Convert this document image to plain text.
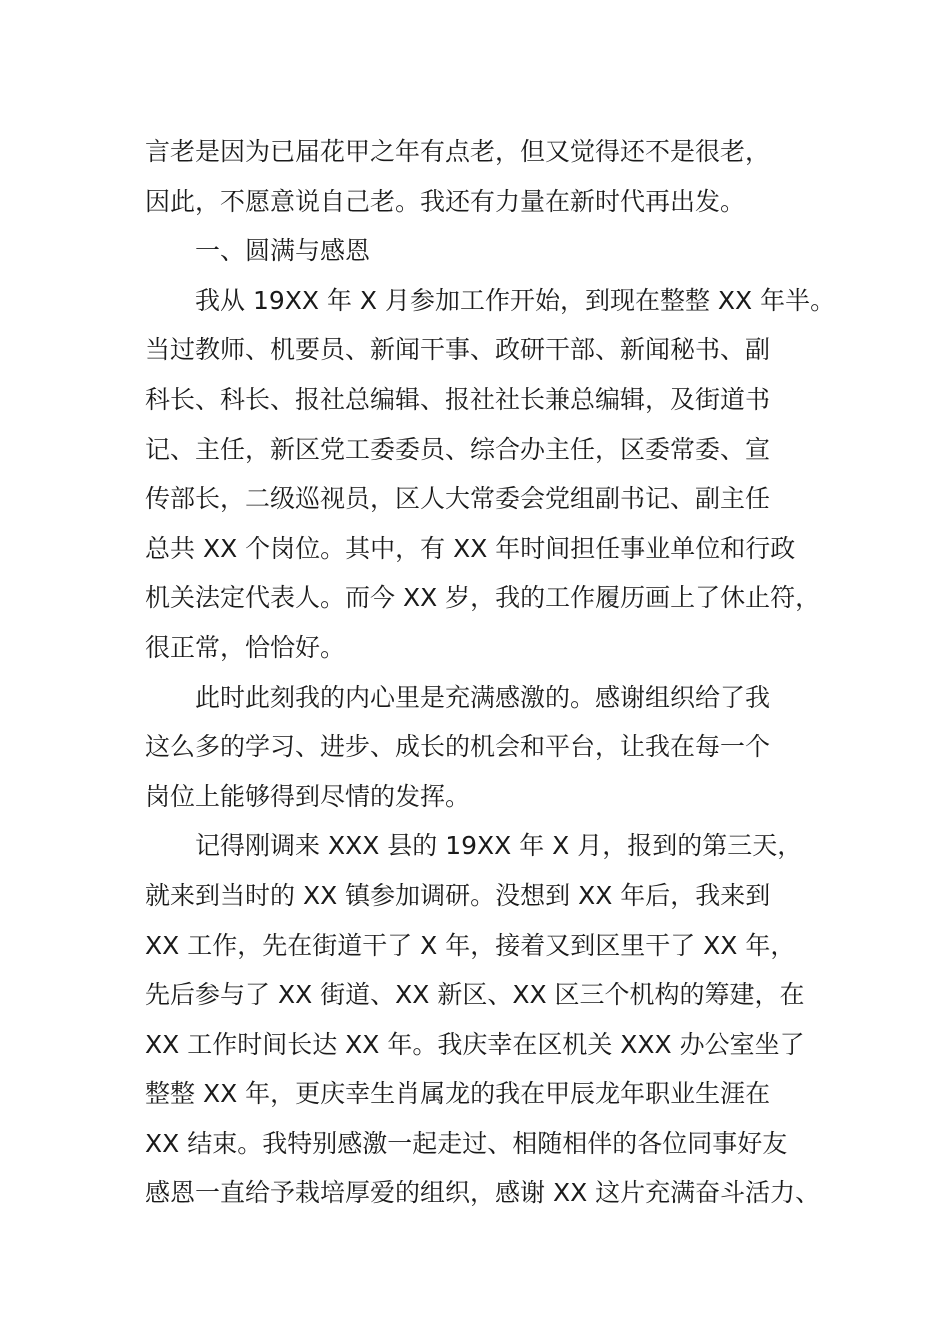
言老是因为已届花甲之年有点老，但又觉得还不是很老，
因此，不愿意说自己老。我还有力量在新时代再出发。
一、圆满与感恩
我从 19XX 年 X 月参加工作开始，到现在整整 XX 年半。
当过教师、机要员、新闻干事、政研干部、新闻秘书、副
科长、科长、报社总编辑、报社社长兼总编辑，及街道书
记、主任，新区党工委委员、综合办主任，区委常委、宣
传部长，二级巡视员，区人大常委会党组副书记、副主任
总共 XX 个岗位。其中，有 XX 年时间担任事业单位和行政
机关法定代表人。而今 XX 岁，我的工作履历画上了休止符，
很正常，恰恰好。
此时此刻我的内心里是充满感激的。感谢组织给了我
这么多的学习、进步、成长的机会和平台，让我在每一个
岗位上能够得到尽情的发挥。
记得刚调来 XXX 县的 19XX 年 X 月，报到的第三天，
就来到当时的 XX 镇参加调研。没想到 XX 年后，我来到
XX 工作，先在街道干了 X 年，接着又到区里干了 XX 年，
先后参与了 XX 街道、XX 新区、XX 区三个机构的筹建，在
XX 工作时间长达 XX 年。我庆幸在区机关 XXX 办公室坐了
整整 XX 年，更庆幸生肖属龙的我在甲辰龙年职业生涯在
XX 结束。我特别感激一起走过、相随相伴的各位同事好友
感恩一直给予栽培厚爱的组织，感谢 XX 这片充满奋斗活力、
